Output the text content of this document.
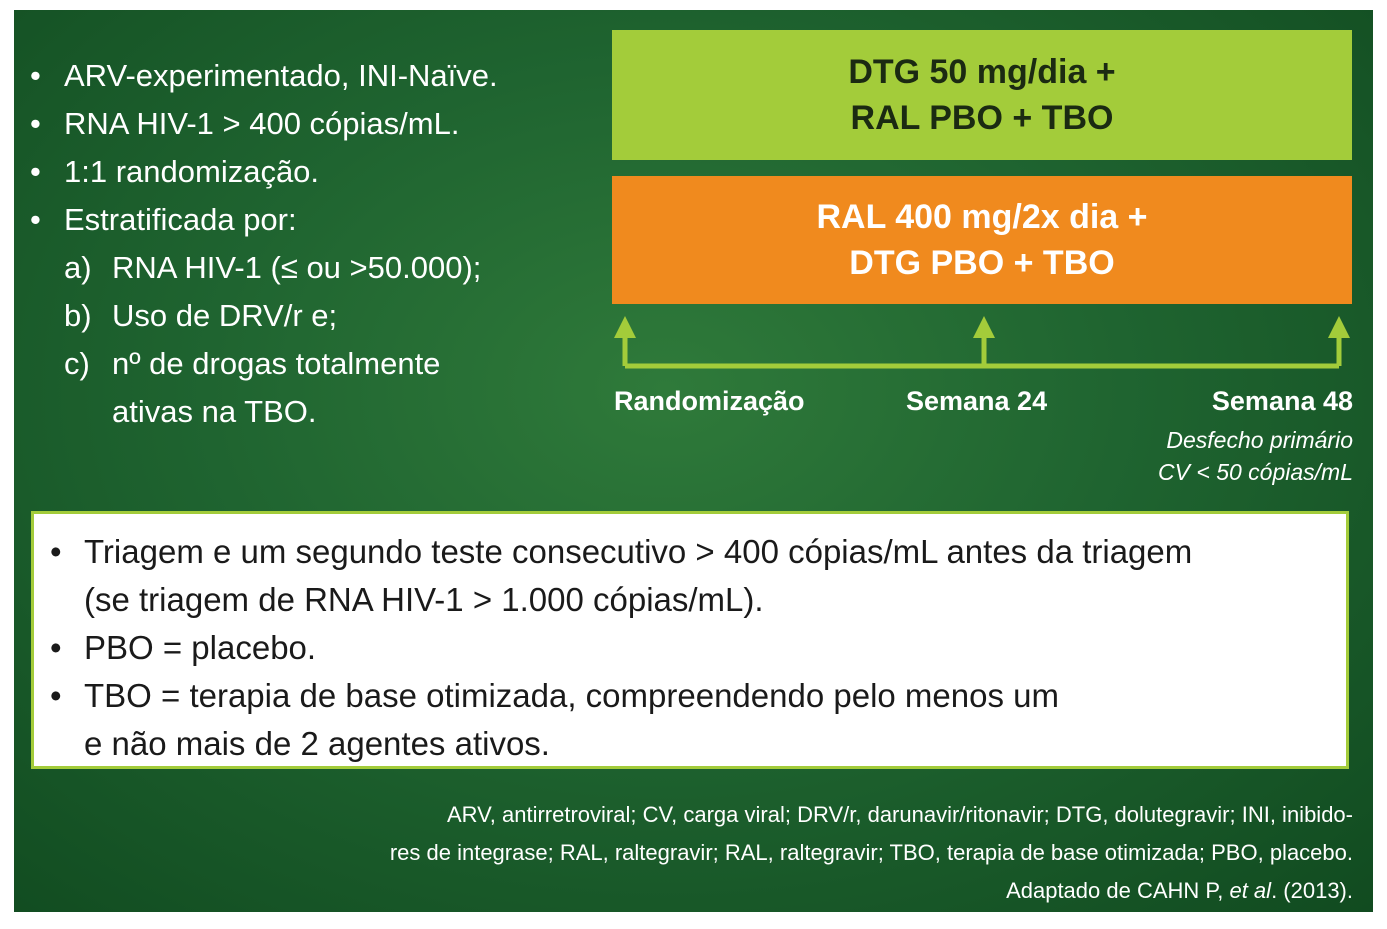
• ARV-experimentado, INI-Naïve.
• RNA HIV-1 > 400 cópias/mL.
• 1:1 randomização.
• Estratificada por:
a) RNA HIV-1 (≤ ou >50.000);
b) Uso de DRV/r e;
c) nº de drogas totalmente
ativas na TBO.
DTG 50 mg/dia +
RAL PBO + TBO
RAL 400 mg/2x dia +
DTG PBO + TBO
Randomização	Semana 24	Semana 48
Desfecho primário
CV < 50 cópias/mL
• Triagem e um segundo teste consecutivo > 400 cópias/mL antes da triagem
(se triagem de RNA HIV-1 > 1.000 cópias/mL).
• PBO = placebo.
• TBO = terapia de base otimizada, compreendendo pelo menos um
e não mais de 2 agentes ativos.
ARV, antirretroviral; CV, carga viral; DRV/r, darunavir/ritonavir; DTG, dolutegravir; INI, inibido-
res de integrase; RAL, raltegravir; RAL, raltegravir; TBO, terapia de base otimizada; PBO, placebo.
Adaptado de CAHN P, et al. (2013).
